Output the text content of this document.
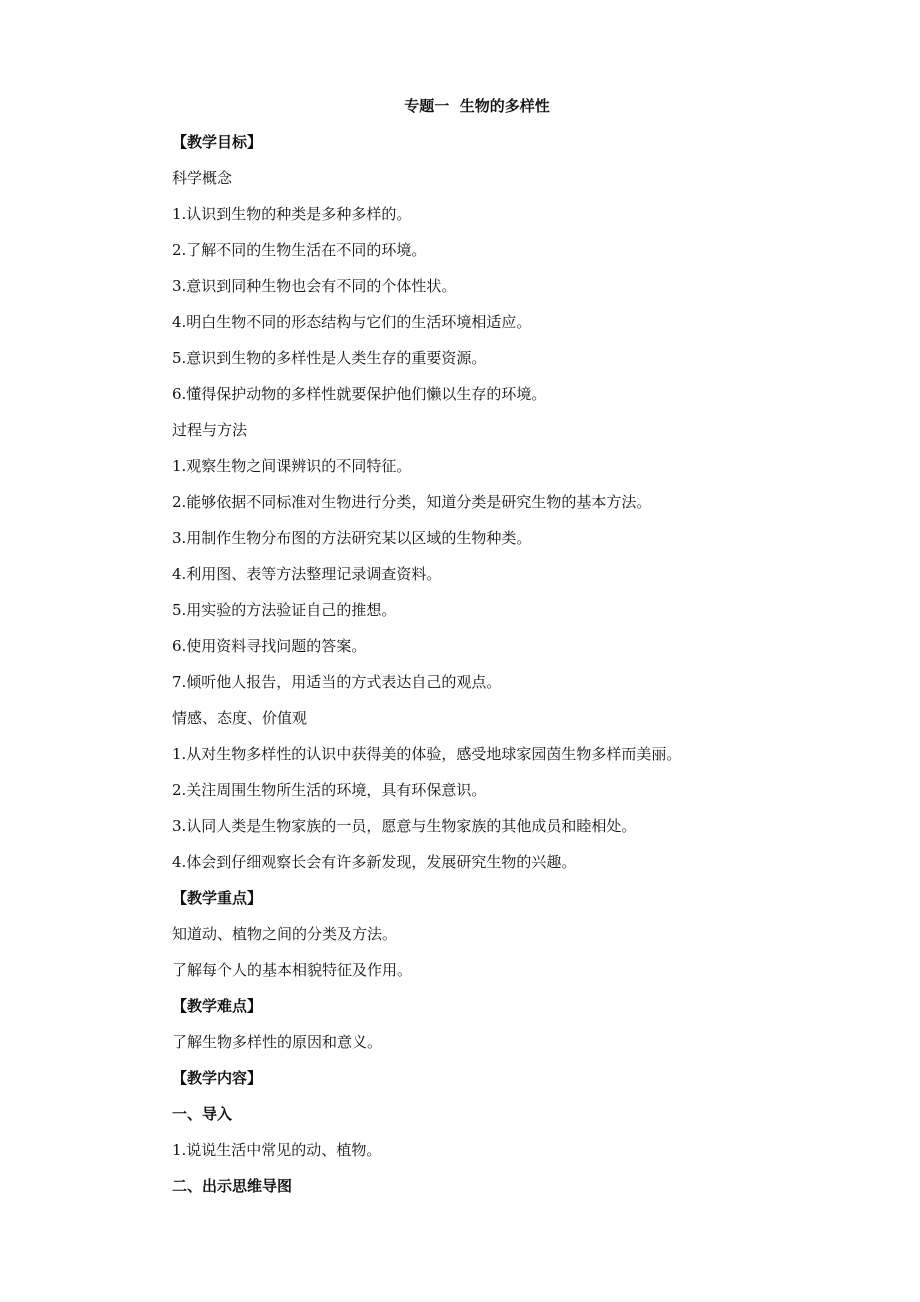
专题一  生物的多样性
【教学目标】
科学概念
1.认识到生物的种类是多种多样的。
2.了解不同的生物生活在不同的环境。
3.意识到同种生物也会有不同的个体性状。
4.明白生物不同的形态结构与它们的生活环境相适应。
5.意识到生物的多样性是人类生存的重要资源。
6.懂得保护动物的多样性就要保护他们懒以生存的环境。
过程与方法
1.观察生物之间课辨识的不同特征。
2.能够依据不同标准对生物进行分类，知道分类是研究生物的基本方法。
3.用制作生物分布图的方法研究某以区域的生物种类。
4.利用图、表等方法整理记录调查资料。
5.用实验的方法验证自己的推想。
6.使用资料寻找问题的答案。
7.倾听他人报告，用适当的方式表达自己的观点。
情感、态度、价值观
1.从对生物多样性的认识中获得美的体验，感受地球家园茵生物多样而美丽。
2.关注周围生物所生活的环境，具有环保意识。
3.认同人类是生物家族的一员，愿意与生物家族的其他成员和睦相处。
4.体会到仔细观察长会有许多新发现，发展研究生物的兴趣。
【教学重点】
知道动、植物之间的分类及方法。
了解每个人的基本相貌特征及作用。
【教学难点】
了解生物多样性的原因和意义。
【教学内容】
一、导入
1.说说生活中常见的动、植物。
二、出示思维导图
